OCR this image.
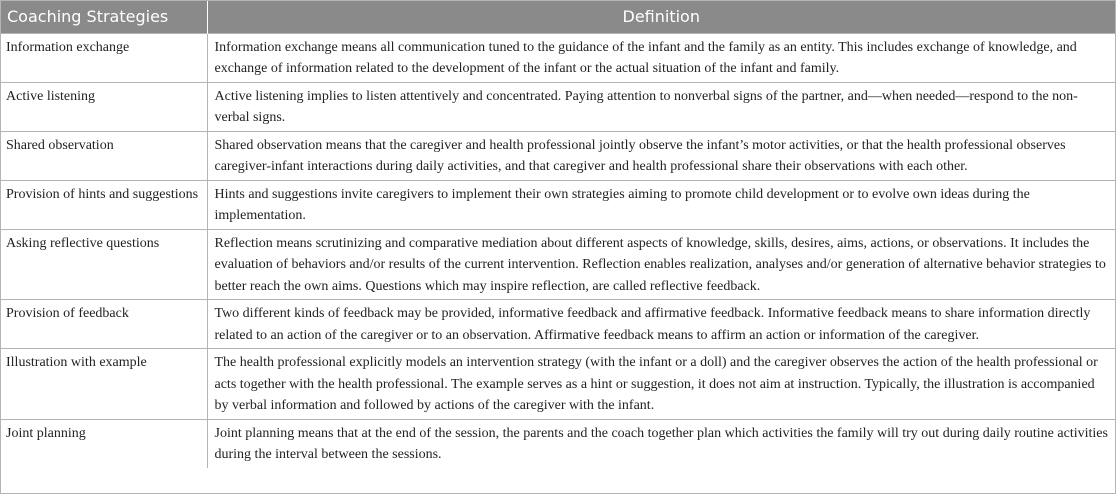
Coaching Strategies	Definition
Information exchange	Information exchange means all communication tuned to the guidance of the infant and the family as an entity. This includes exchange of knowledge, and exchange of information related to the development of the infant or the actual situation of the infant and family.
Active listening	Active listening implies to listen attentively and concentrated. Paying attention to nonverbal signs of the partner, and—when needed—respond to the non-verbal signs.
Shared observation	Shared observation means that the caregiver and health professional jointly observe the infant’s motor activities, or that the health professional observes caregiver-infant interactions during daily activities, and that caregiver and health professional share their observations with each other.
Provision of hints and suggestions	Hints and suggestions invite caregivers to implement their own strategies aiming to promote child development or to evolve own ideas during the implementation.
Asking reflective questions	Reflection means scrutinizing and comparative mediation about different aspects of knowledge, skills, desires, aims, actions, or observations. It includes the evaluation of behaviors and/or results of the current intervention. Reflection enables realization, analyses and/or generation of alternative behavior strategies to better reach the own aims. Questions which may inspire reflection, are called reflective feedback.
Provision of feedback	Two different kinds of feedback may be provided, informative feedback and affirmative feedback. Informative feedback means to share information directly related to an action of the caregiver or to an observation. Affirmative feedback means to affirm an action or information of the caregiver.
Illustration with example	The health professional explicitly models an intervention strategy (with the infant or a doll) and the caregiver observes the action of the health professional or acts together with the health professional. The example serves as a hint or suggestion, it does not aim at instruction. Typically, the illustration is accompanied by verbal information and followed by actions of the caregiver with the infant.
Joint planning	Joint planning means that at the end of the session, the parents and the coach together plan which activities the family will try out during daily routine activities during the interval between the sessions.
